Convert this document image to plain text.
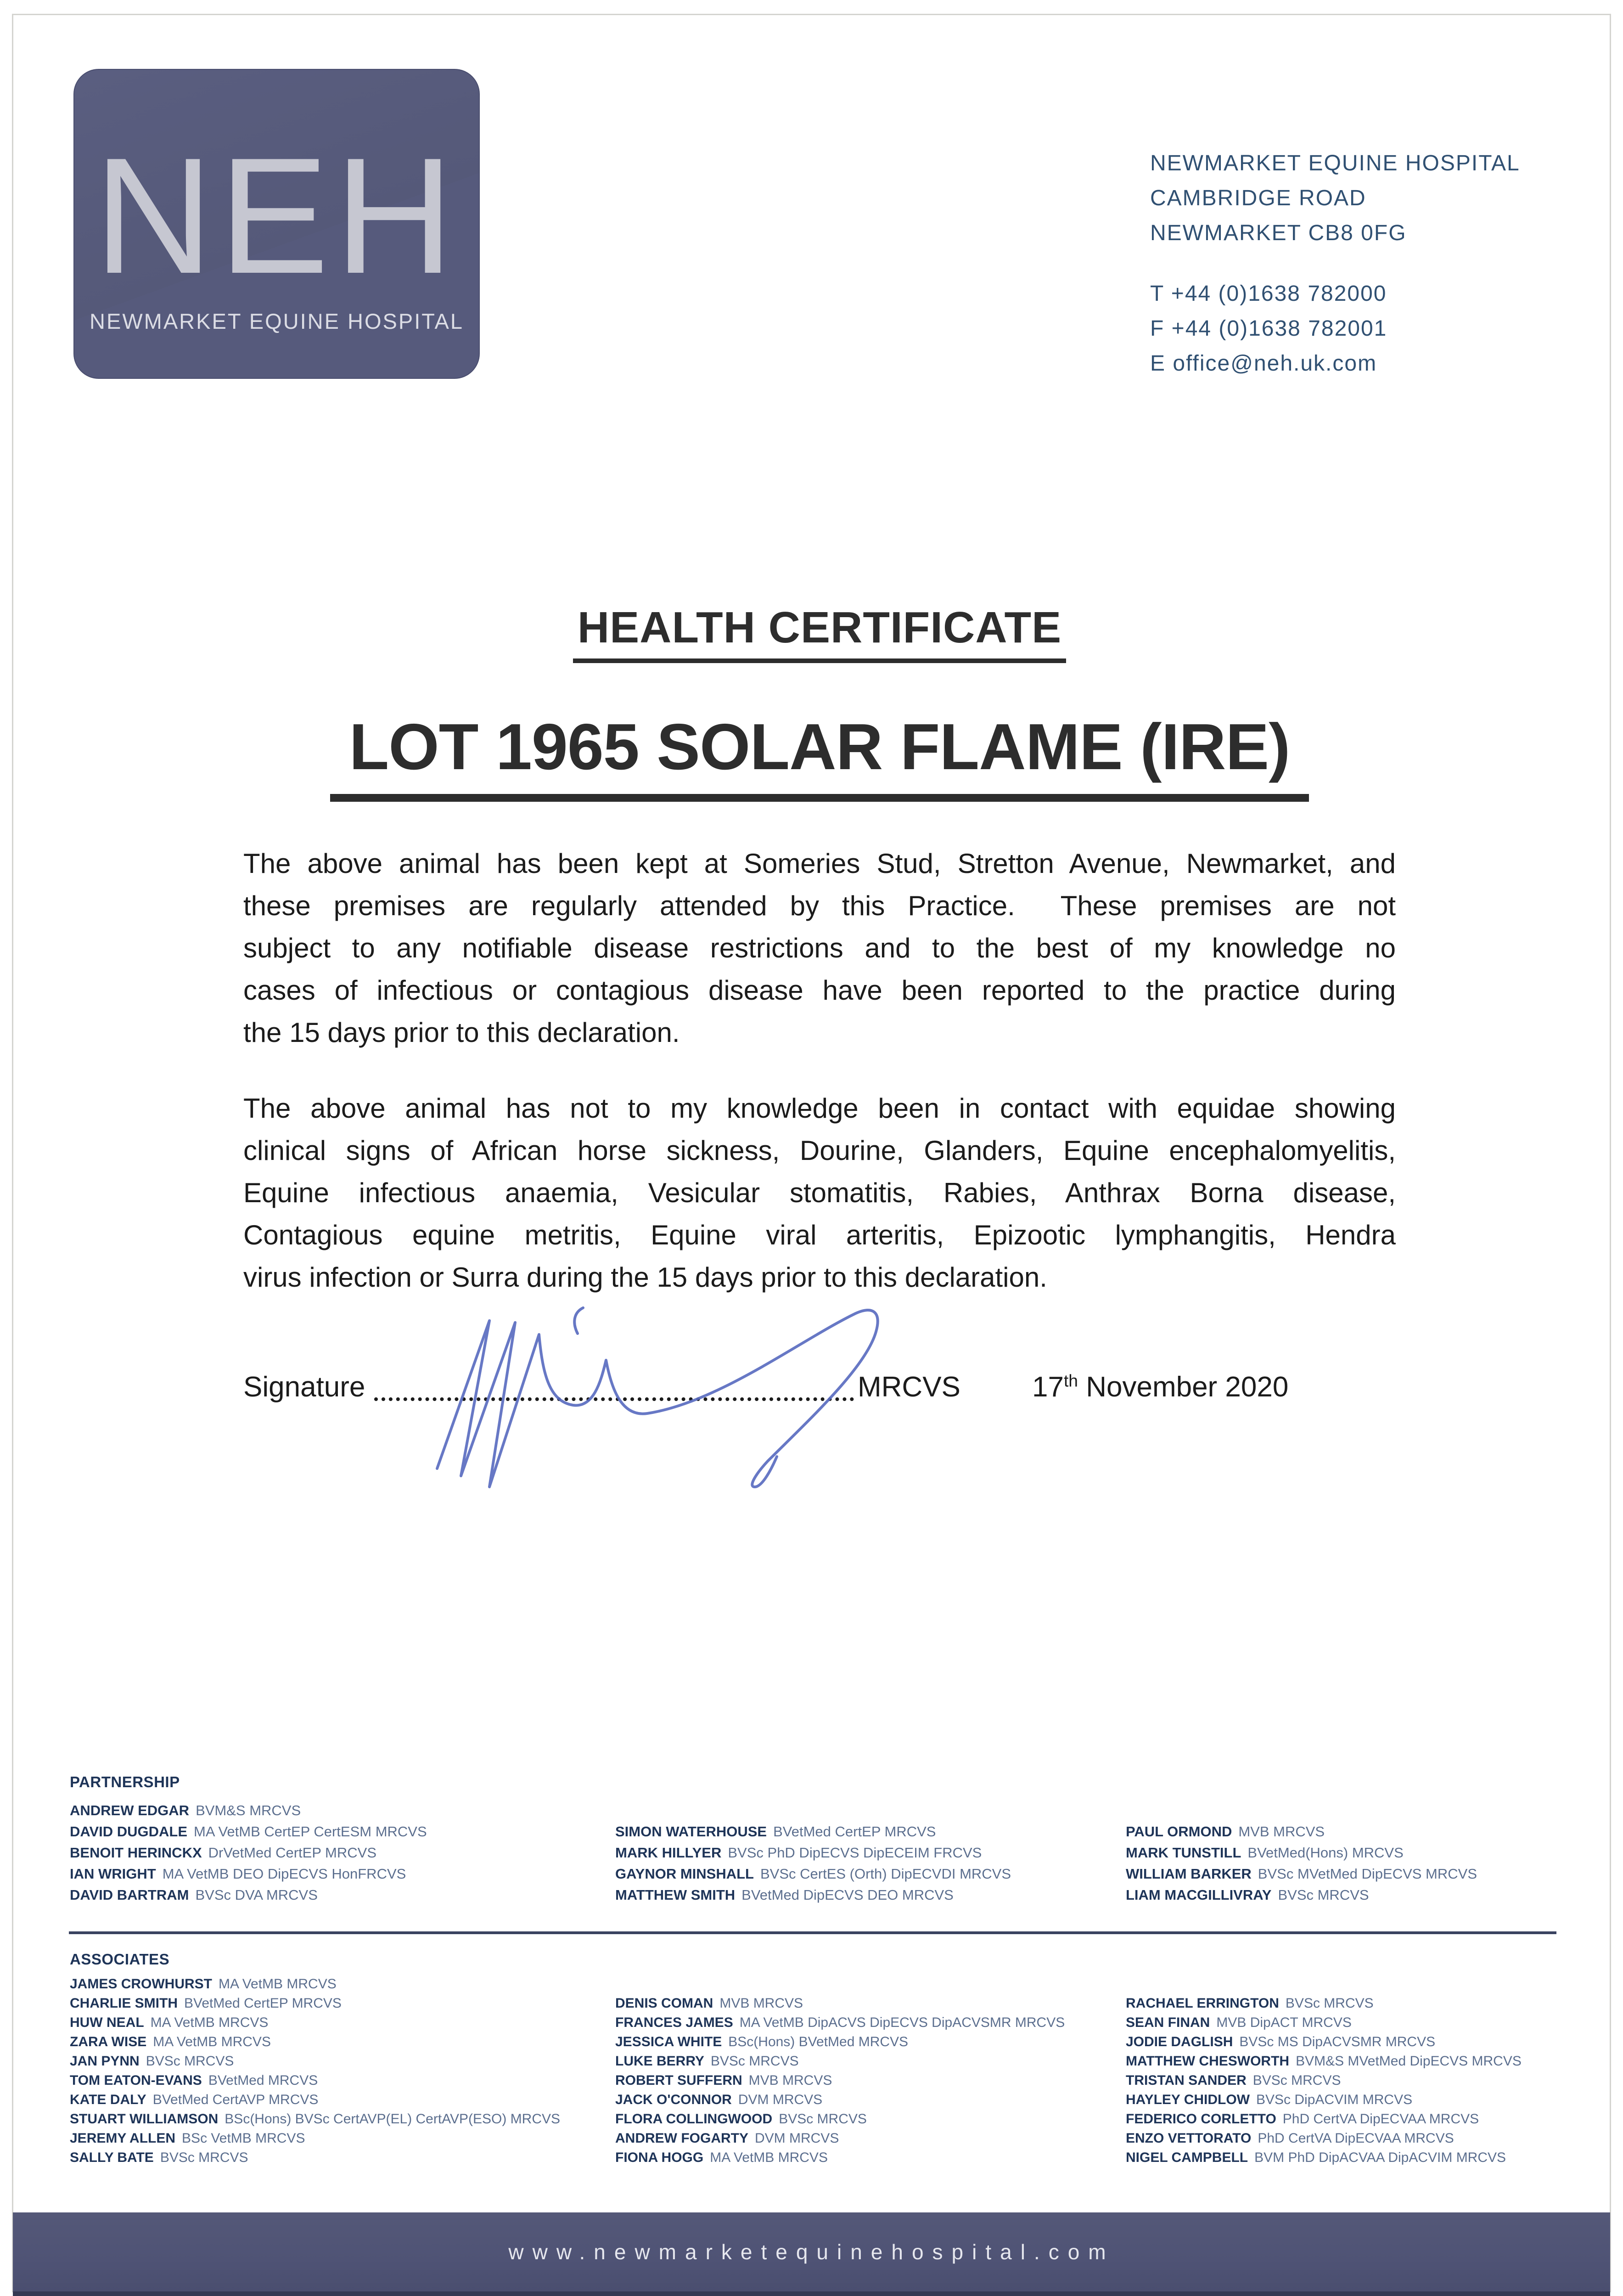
NEH
NEWMARKET EQUINE HOSPITAL
NEWMARKET EQUINE HOSPITAL
CAMBRIDGE ROAD
NEWMARKET CB8 0FG
T +44 (0)1638 782000
F +44 (0)1638 782001
E office@neh.uk.com
HEALTH CERTIFICATE
LOT 1965 SOLAR FLAME (IRE)
The above animal has been kept at Someries Stud, Stretton Avenue, Newmarket, and
these premises are regularly attended by this Practice.  These premises are not
subject to any notifiable disease restrictions and to the best of my knowledge no
cases of infectious or contagious disease have been reported to the practice during
the 15 days prior to this declaration.
The above animal has not to my knowledge been in contact with equidae showing
clinical signs of African horse sickness, Dourine, Glanders, Equine encephalomyelitis,
Equine infectious anaemia, Vesicular stomatitis, Rabies, Anthrax Borna disease,
Contagious equine metritis, Equine viral arteritis, Epizootic lymphangitis, Hendra
virus infection or Surra during the 15 days prior to this declaration.
Signature	MRCVS	17th November 2020
PARTNERSHIP
ANDREW EDGAR BVM&S MRCVS
DAVID DUGDALE MA VetMB CertEP CertESM MRCVS
BENOIT HERINCKX DrVetMed CertEP MRCVS
IAN WRIGHT MA VetMB DEO DipECVS HonFRCVS
DAVID BARTRAM BVSc DVA MRCVS
SIMON WATERHOUSE BVetMed CertEP MRCVS
MARK HILLYER BVSc PhD DipECVS DipECEIM FRCVS
GAYNOR MINSHALL BVSc CertES (Orth) DipECVDI MRCVS
MATTHEW SMITH BVetMed DipECVS DEO MRCVS
PAUL ORMOND MVB MRCVS
MARK TUNSTILL BVetMed(Hons) MRCVS
WILLIAM BARKER BVSc MVetMed DipECVS MRCVS
LIAM MACGILLIVRAY BVSc MRCVS
ASSOCIATES
JAMES CROWHURST MA VetMB MRCVS
CHARLIE SMITH BVetMed CertEP MRCVS
HUW NEAL MA VetMB MRCVS
ZARA WISE MA VetMB MRCVS
JAN PYNN BVSc MRCVS
TOM EATON-EVANS BVetMed MRCVS
KATE DALY BVetMed CertAVP MRCVS
STUART WILLIAMSON BSc(Hons) BVSc CertAVP(EL) CertAVP(ESO) MRCVS
JEREMY ALLEN BSc VetMB MRCVS
SALLY BATE BVSc MRCVS
DENIS COMAN MVB MRCVS
FRANCES JAMES MA VetMB DipACVS DipECVS DipACVSMR MRCVS
JESSICA WHITE BSc(Hons) BVetMed MRCVS
LUKE BERRY BVSc MRCVS
ROBERT SUFFERN MVB MRCVS
JACK O'CONNOR DVM MRCVS
FLORA COLLINGWOOD BVSc MRCVS
ANDREW FOGARTY DVM MRCVS
FIONA HOGG MA VetMB MRCVS
RACHAEL ERRINGTON BVSc MRCVS
SEAN FINAN MVB DipACT MRCVS
JODIE DAGLISH BVSc MS DipACVSMR MRCVS
MATTHEW CHESWORTH BVM&S MVetMed DipECVS MRCVS
TRISTAN SANDER BVSc MRCVS
HAYLEY CHIDLOW BVSc DipACVIM MRCVS
FEDERICO CORLETTO PhD CertVA DipECVAA MRCVS
ENZO VETTORATO PhD CertVA DipECVAA MRCVS
NIGEL CAMPBELL BVM PhD DipACVAA DipACVIM MRCVS
www.newmarketequinehospital.com
